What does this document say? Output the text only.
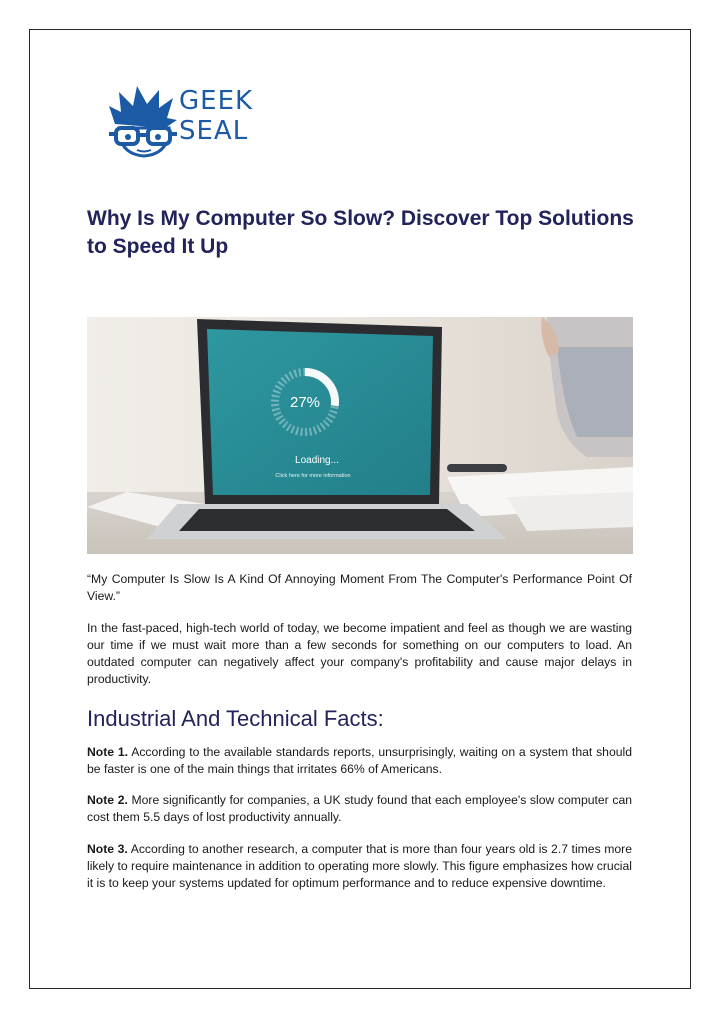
GEEK
SEAL
Why Is My Computer So Slow? Discover Top Solutions to Speed It Up
27%
Loading...
Click here for more information

“My Computer Is Slow Is A Kind Of Annoying Moment From The Computer's Performance Point Of View.”

In the fast-paced, high-tech world of today, we become impatient and feel as though we are wasting our time if we must wait more than a few seconds for something on our computers to load. An outdated computer can negatively affect your company's profitability and cause major delays in productivity.

Industrial And Technical Facts:

Note 1. According to the available standards reports, unsurprisingly, waiting on a system that should be faster is one of the main things that irritates 66% of Americans.

Note 2. More significantly for companies, a UK study found that each employee's slow computer can cost them 5.5 days of lost productivity annually.

Note 3. According to another research, a computer that is more than four years old is 2.7 times more likely to require maintenance in addition to operating more slowly. This figure emphasizes how crucial it is to keep your systems updated for optimum performance and to reduce expensive downtime.
